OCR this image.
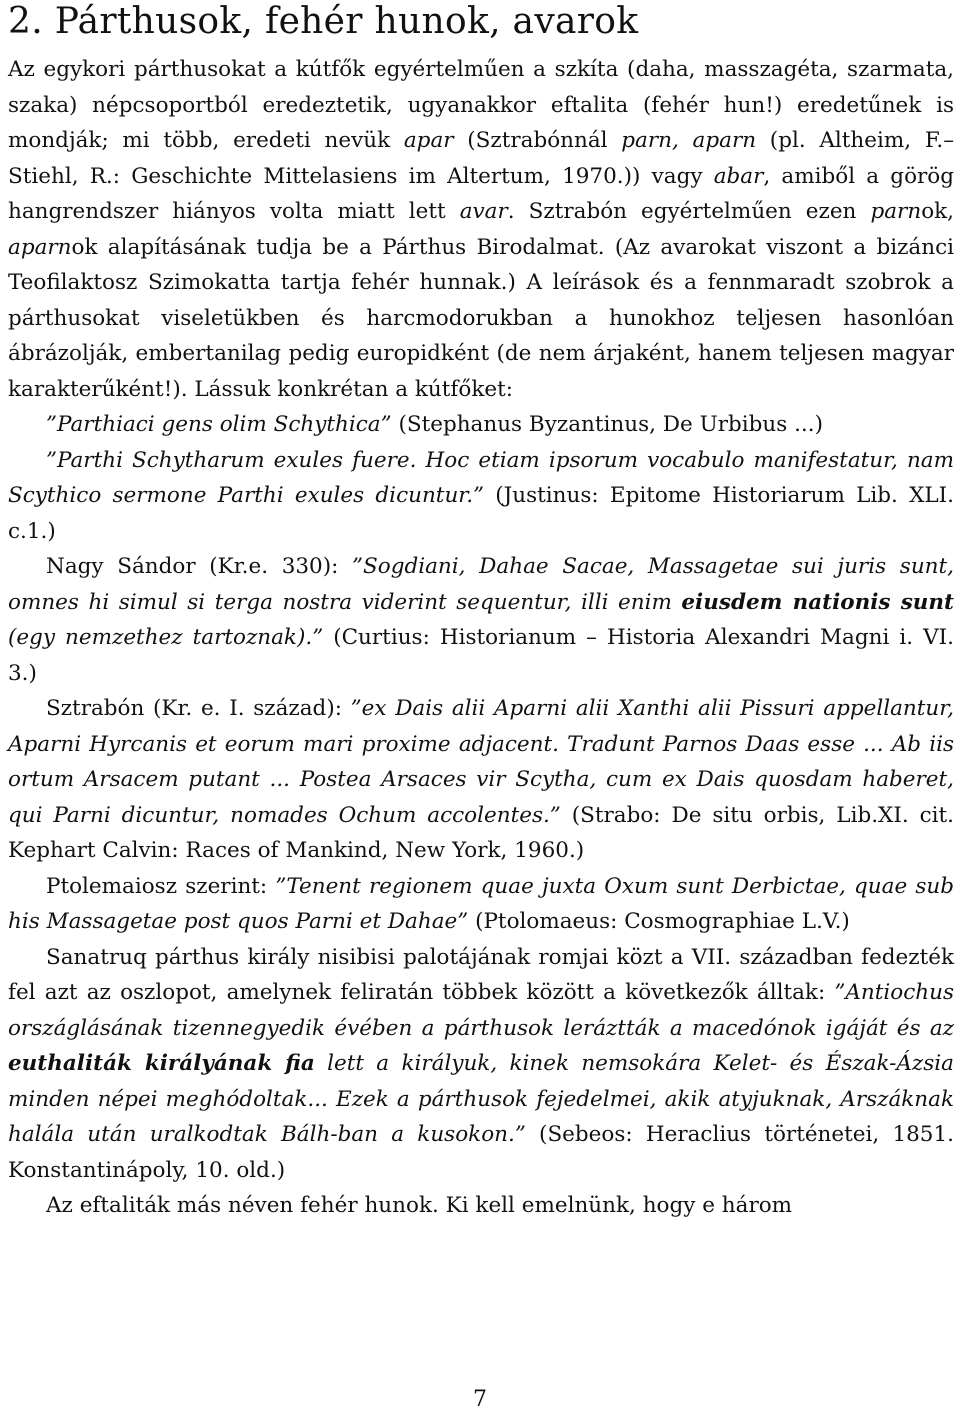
2. Párthusok, fehér hunok, avarok

Az egykori párthusokat a kútfők egyértelműen a szkíta (daha, masszagéta, szarmata, szaka) népcsoportból eredeztetik, ugyanakkor eftalita (fehér hun!) eredetűnek is mondják; mi több, eredeti nevük apar (Sztrabónnál parn, aparn (pl. Altheim, F.– Stiehl, R.: Geschichte Mittelasiens im Altertum, 1970.)) vagy abar, amiből a görög hangrendszer hiányos volta miatt lett avar. Sztrabón egyértelműen ezen parnok, aparnok alapításának tudja be a Párthus Birodalmat. (Az avarokat viszont a bizánci Teofilaktosz Szimokatta tartja fehér hunnak.) A leírások és a fennmaradt szobrok a párthusokat viseletükben és harcmodorukban a hunokhoz teljesen hasonlóan ábrázolják, embertanilag pedig europidként (de nem árjaként, hanem teljesen magyar karakterűként!). Lássuk konkrétan a kútfőket:

”Parthiaci gens olim Schythica” (Stephanus Byzantinus, De Urbibus ...)

”Parthi Schytharum exules fuere. Hoc etiam ipsorum vocabulo manifestatur, nam Scythico sermone Parthi exules dicuntur.” (Justinus: Epitome Historiarum Lib. XLI. c.1.)

Nagy Sándor (Kr.e. 330): ”Sogdiani, Dahae Sacae, Massagetae sui juris sunt, omnes hi simul si terga nostra viderint sequentur, illi enim eiusdem nationis sunt (egy nemzethez tartoznak).” (Curtius: Historianum – Historia Alexandri Magni i. VI. 3.)

Sztrabón (Kr. e. I. század): ”ex Dais alii Aparni alii Xanthi alii Pissuri appellantur, Aparni Hyrcanis et eorum mari proxime adjacent. Tradunt Parnos Daas esse ... Ab iis ortum Arsacem putant ... Postea Arsaces vir Scytha, cum ex Dais quosdam haberet, qui Parni dicuntur, nomades Ochum accolentes.” (Strabo: De situ orbis, Lib.XI. cit. Kephart Calvin: Races of Mankind, New York, 1960.)

Ptolemaiosz szerint: ”Tenent regionem quae juxta Oxum sunt Derbictae, quae sub his Massagetae post quos Parni et Dahae” (Ptolomaeus: Cosmographiae L.V.)

Sanatruq párthus király nisibisi palotájának romjai közt a VII. században fedezték fel azt az oszlopot, amelynek feliratán többek között a következők álltak: ”Antiochus országlásának tizennegyedik évében a párthusok leráztták a macedónok igáját és az euthaliták királyának fia lett a királyuk, kinek nemsokára Kelet- és Észak-Ázsia minden népei meghódoltak... Ezek a párthusok fejedelmei, akik atyjuknak, Arszáknak halála után uralkodtak Bálh-ban a kusokon.” (Sebeos: Heraclius történetei, 1851. Konstantinápoly, 10. old.)

Az eftaliták más néven fehér hunok. Ki kell emelnünk, hogy e három

7
